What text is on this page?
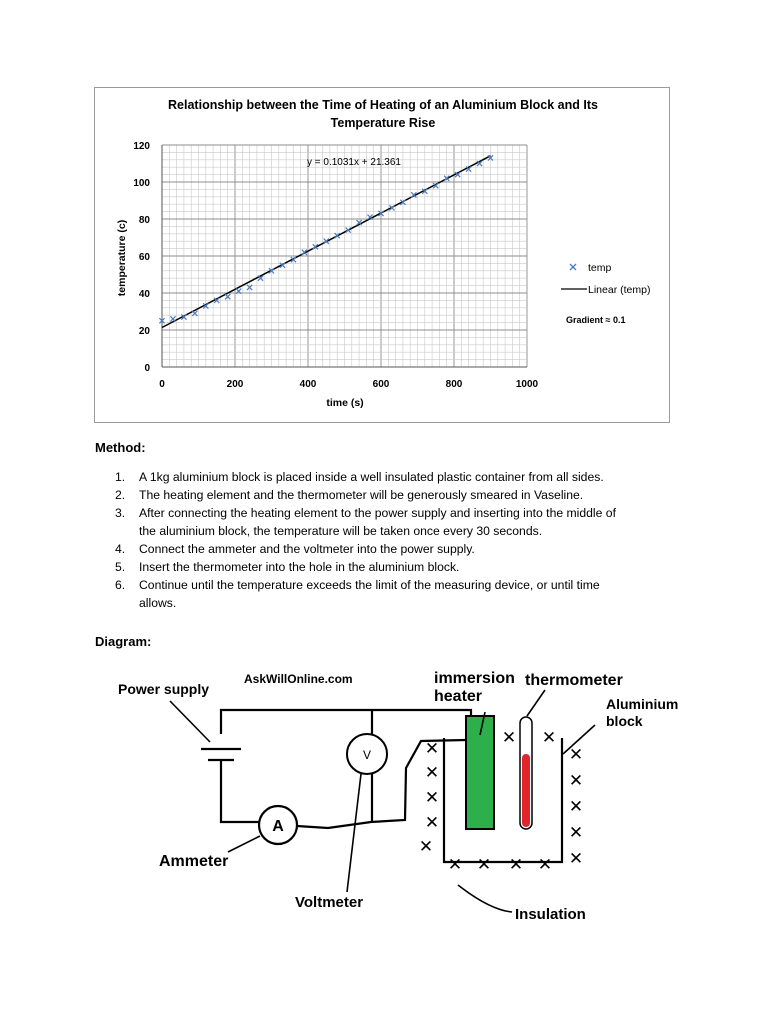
Relationship between the Time of Heating of an Aluminium Block and Its
Temperature Rise
0	200	400	600	800	1000
0
20
40
60
80
100
120
y = 0.1031x + 21.361
time (s)
temperature (c)	temp
Linear (temp)
Gradient ≈ 0.1
Method:
1. A 1kg aluminium block is placed inside a well insulated plastic container from all sides.
2. The heating element and the thermometer will be generously smeared in Vaseline.
3. After connecting the heating element to the power supply and inserting into the middle of
the aluminium block, the temperature will be taken once every 30 seconds.
4. Connect the ammeter and the voltmeter into the power supply.
5. Insert the thermometer into the hole in the aluminium block.
6. Continue until the temperature exceeds the limit of the measuring device, or until time
allows.
Diagram:
A
V
✕ ✕
✕
✕
✕
✕
✕
✕
✕
✕
✕
✕
✕ ✕ ✕ ✕
AskWillOnline.com
Power supply
Ammeter
Voltmeter
immersion
heater
thermometer
Aluminium
block
Insulation
